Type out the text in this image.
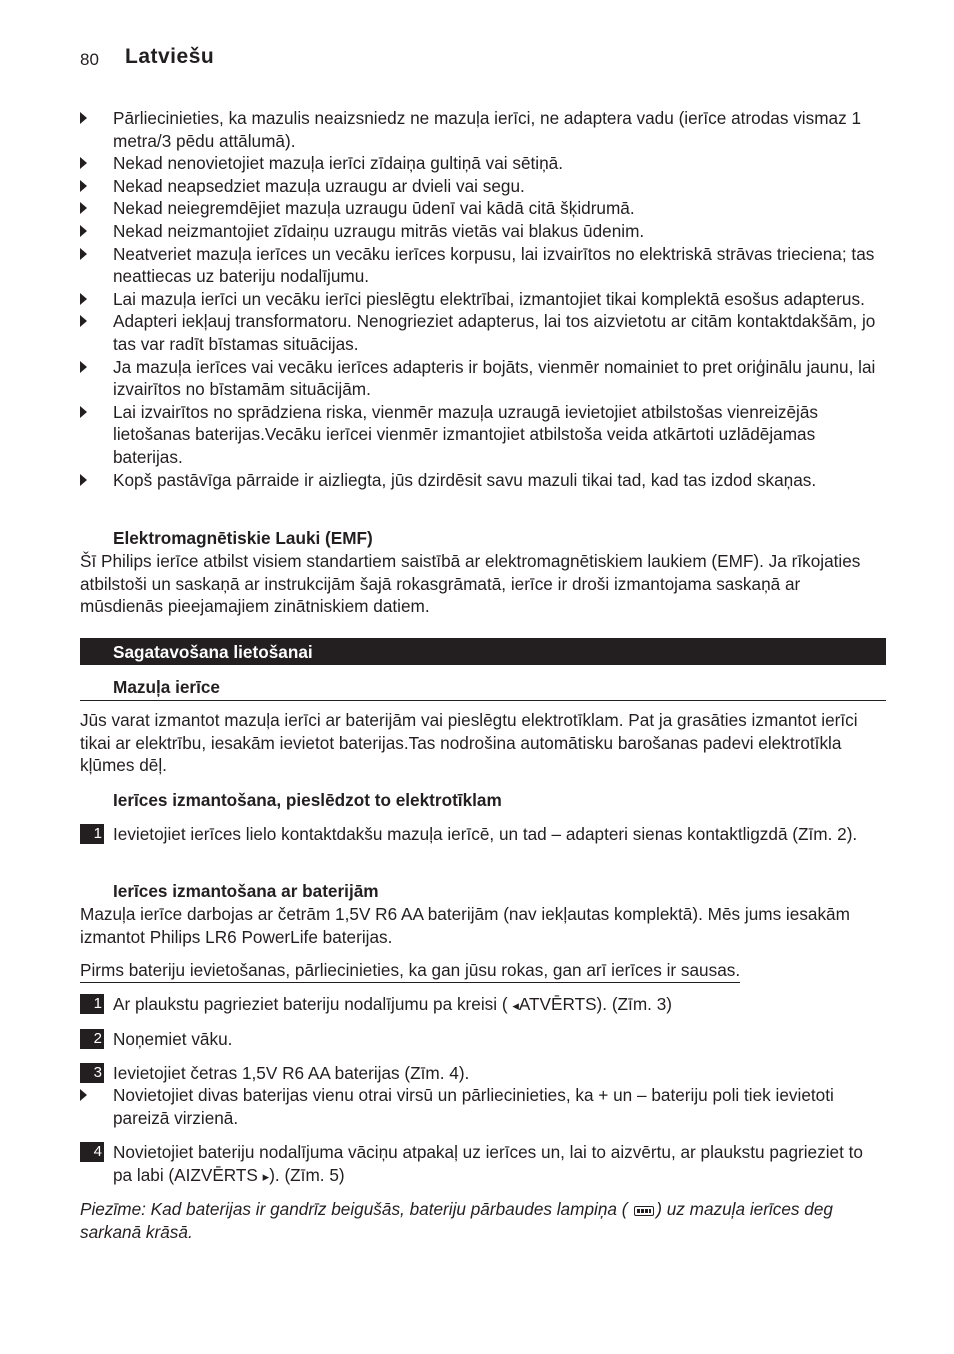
80 Latviešu
Pārliecinieties, ka mazulis neaizsniedz ne mazuļa ierīci, ne adaptera vadu (ierīce atrodas vismaz 1 metra/3 pēdu attālumā).
Nekad nenovietojiet mazuļa ierīci zīdaiņa gultiņā vai sētiņā.
Nekad neapsedziet mazuļa uzraugu ar dvieli vai segu.
Nekad neiegremdējiet mazuļa uzraugu ūdenī vai kādā citā šķidrumā.
Nekad neizmantojiet zīdaiņu uzraugu mitrās vietās vai blakus ūdenim.
Neatveriet mazuļa ierīces un vecāku ierīces korpusu, lai izvairītos no elektriskā strāvas trieciena; tas neattiecas uz bateriju nodalījumu.
Lai mazuļa ierīci un vecāku ierīci pieslēgtu elektrībai, izmantojiet tikai komplektā esošus adapterus.
Adapteri iekļauj transformatoru. Nenogrieziet adapterus, lai tos aizvietotu ar citām kontaktdakšām, jo tas var radīt bīstamas situācijas.
Ja mazuļa ierīces vai vecāku ierīces adapteris ir bojāts, vienmēr nomainiet to pret oriģinālu jaunu, lai izvairītos no bīstamām situācijām.
Lai izvairītos no sprādziena riska, vienmēr mazuļa uzraugā ievietojiet atbilstošas vienreizējās lietošanas baterijas.Vecāku ierīcei vienmēr izmantojiet atbilstoša veida atkārtoti uzlādējamas baterijas.
Kopš pastāvīga pārraide ir aizliegta, jūs dzirdēsit savu mazuli tikai tad, kad tas izdod skaņas.
Elektromagnētiskie Lauki (EMF)
Šī Philips ierīce atbilst visiem standartiem saistībā ar elektromagnētiskiem laukiem (EMF). Ja rīkojaties atbilstoši un saskaņā ar instrukcijām šajā rokasgrāmatā, ierīce ir droši izmantojama saskaņā ar mūsdienās pieejamajiem zinātniskiem datiem.
Sagatavošana lietošanai
Mazuļa ierīce
Jūs varat izmantot mazuļa ierīci ar baterijām vai pieslēgtu elektrotīklam. Pat ja grasāties izmantot ierīci tikai ar elektrību, iesakām ievietot baterijas.Tas nodrošina automātisku barošanas padevi elektrotīkla kļūmes dēļ.
Ierīces izmantošana, pieslēdzot to elektrotīklam
1 Ievietojiet ierīces lielo kontaktdakšu mazuļa ierīcē, un tad – adapteri sienas kontaktligzdā (Zīm. 2).
Ierīces izmantošana ar baterijām
Mazuļa ierīce darbojas ar četrām 1,5V R6 AA baterijām (nav iekļautas komplektā). Mēs jums iesakām izmantot Philips LR6 PowerLife baterijas.
Pirms bateriju ievietošanas, pārliecinieties, ka gan jūsu rokas, gan arī ierīces ir sausas.
1 Ar plaukstu pagrieziet bateriju nodalījumu pa kreisi ( ◂ATVĒRTS). (Zīm. 3)
2 Noņemiet vāku.
3 Ievietojiet četras 1,5V R6 AA baterijas (Zīm. 4).
Novietojiet divas baterijas vienu otrai virsū un pārliecinieties, ka + un – bateriju poli tiek ievietoti pareizā virzienā.
4 Novietojiet bateriju nodalījuma vāciņu atpakaļ uz ierīces un, lai to aizvērtu, ar plaukstu pagrieziet to pa labi (AIZVĒRTS ▸). (Zīm. 5)
Piezīme: Kad baterijas ir gandrīz beigušās, bateriju pārbaudes lampiņa ( ) uz mazuļa ierīces deg sarkanā krāsā.
